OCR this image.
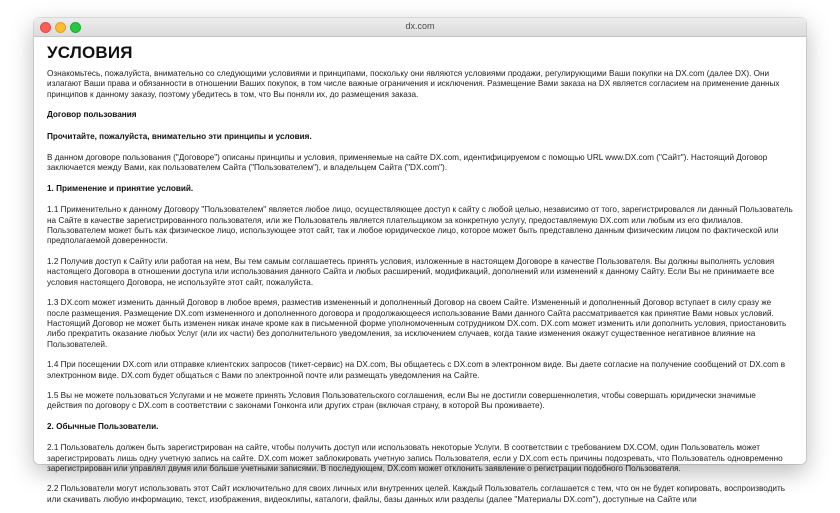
dx.com
УСЛОВИЯ

Ознакомьтесь, пожалуйста, внимательно со следующими условиями и принципами, поскольку они являются условиями продажи, регулирующими Ваши покупки на DX.com (далее DX). Они излагают Ваши права и обязанности в отношении Ваших покупок, в том числе важные ограничения и исключения. Размещение Вами заказа на DX является согласием на применение данных принципов к данному заказу, поэтому убедитесь в том, что Вы поняли их, до размещения заказа.

Договор пользования

Прочитайте, пожалуйста, внимательно эти принципы и условия.

В данном договоре пользования ("Договоре") описаны принципы и условия, применяемые на сайте DX.com, идентифицируемом с помощью URL www.DX.com ("Сайт"). Настоящий Договор заключается между Вами, как пользователем Сайта ("Пользователем"), и владельцем Сайта ("DX.com").

1. Применение и принятие условий.

1.1 Применительно к данному Договору "Пользователем" является любое лицо, осуществляющее доступ к сайту с любой целью, независимо от того, зарегистрировался ли данный Пользователь на Сайте в качестве зарегистрированного пользователя, или же Пользователь является плательщиком за конкретную услугу, предоставляемую DX.com или любым из его филиалов. Пользователем может быть как физическое лицо, использующее этот сайт, так и любое юридическое лицо, которое может быть представлено данным физическим лицом по фактической или предполагаемой доверенности.

1.2 Получив доступ к Сайту или работая на нем, Вы тем самым соглашаетесь принять условия, изложенные в настоящем Договоре в качестве Пользователя. Вы должны выполнять условия настоящего Договора в отношении доступа или использования данного Сайта и любых расширений, модификаций, дополнений или изменений к данному Сайту. Если Вы не принимаете все условия настоящего Договора, не используйте этот сайт, пожалуйста.

1.3 DX.com может изменить данный Договор в любое время, разместив измененный и дополненный Договор на своем Сайте. Измененный и дополненный Договор вступает в силу сразу же после размещения. Размещение DX.com измененного и дополненного договора и продолжающееся использование Вами данного Сайта рассматривается как принятие Вами новых условий. Настоящий Договор не может быть изменен никак иначе кроме как в письменной форме уполномоченным сотрудником DX.com. DX.com может изменить или дополнить условия, приостановить либо прекратить оказание любых Услуг (или их части) без дополнительного уведомления, за исключением случаев, когда такие изменения окажут существенное негативное влияние на Пользователей.

1.4 При посещении DX.com или отправке клиентских запросов (тикет-сервис) на DX.com, Вы общаетесь с DX.com в электронном виде. Вы даете согласие на получение сообщений от DX.com в электронном виде. DX.com будет общаться с Вами по электронной почте или размещать уведомления на Сайте.

1.5 Вы не можете пользоваться Услугами и не можете принять Условия Пользовательского соглашения, если Вы не достигли совершеннолетия, чтобы совершать юридически значимые действия по договору с DX.com в соответствии с законами Гонконга или других стран (включая страну, в которой Вы проживаете).

2. Обычные Пользователи.

2.1 Пользователь должен быть зарегистрирован на сайте, чтобы получить доступ или использовать некоторые Услуги. В соответствии с требованием DX.COM, один Пользователь может зарегистрировать лишь одну учетную запись на сайте. DX.com может заблокировать учетную запись Пользователя, если у DX.com есть причины подозревать, что Пользователь одновременно зарегистрирован или управлял двумя или больше учетными записями. В последующем, DX.com может отклонить заявление о регистрации подобного Пользователя.

2.2 Пользователи могут использовать этот Сайт исключительно для своих личных или внутренних целей. Каждый Пользователь соглашается с тем, что он не будет копировать, воспроизводить или скачивать любую информацию, текст, изображения, видеоклипы, каталоги, файлы, базы данных или разделы (далее "Материалы DX.com"), доступные на Сайте или
